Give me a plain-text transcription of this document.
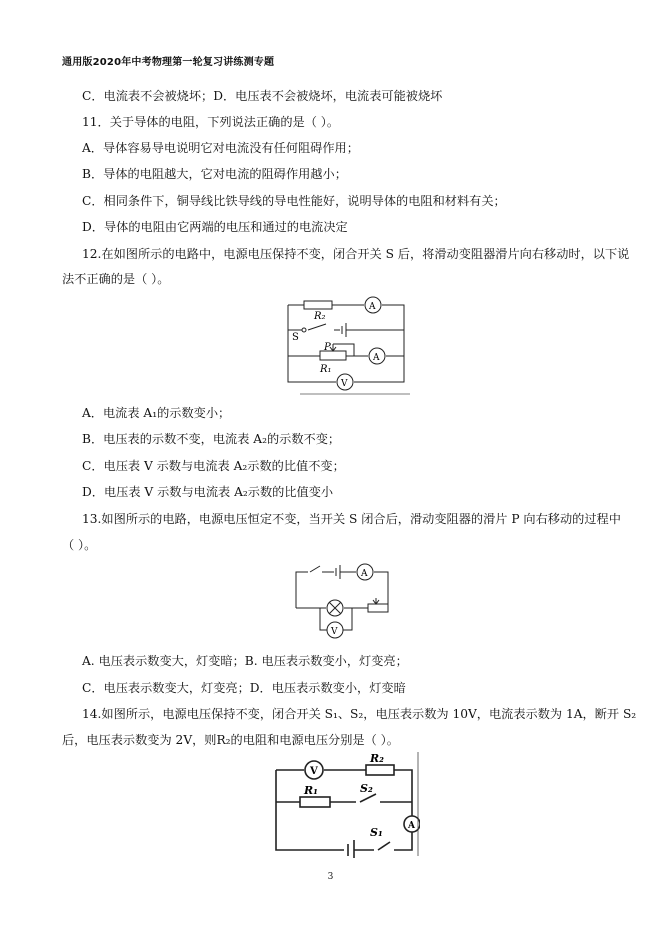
通用版2020年中考物理第一轮复习讲练测专题
C．电流表不会被烧坏；D．电压表不会被烧坏，电流表可能被烧坏
11．关于导体的电阻，下列说法正确的是（ ）。
A．导体容易导电说明它对电流没有任何阻碍作用；
B．导体的电阻越大，它对电流的阻碍作用越小；
C．相同条件下，铜导线比铁导线的导电性能好，说明导体的电阻和材料有关；
D．导体的电阻由它两端的电压和通过的电流决定
12.在如图所示的电路中，电源电压保持不变，闭合开关 S 后，将滑动变阻器滑片向右移动时，以下说
法不正确的是（ ）。
R₂
S
P
R₁
A
A
V
A．电流表 A₁的示数变小；
B．电压表的示数不变，电流表 A₂的示数不变；
C．电压表 V 示数与电流表 A₂示数的比值不变；
D．电压表 V 示数与电流表 A₂示数的比值变小
13.如图所示的电路，电源电压恒定不变，当开关 S 闭合后，滑动变阻器的滑片 P 向右移动的过程中
（ ）。
A
V
A. 电压表示数变大，灯变暗；B. 电压表示数变小，灯变亮；
C．电压表示数变大，灯变亮；D．电压表示数变小，灯变暗
14.如图所示，电源电压保持不变，闭合开关 S₁、S₂，电压表示数为 10V，电流表示数为 1A，断开 S₂
后，电压表示数变为 2V，则R₂的电阻和电源电压分别是（ ）。
V
R₂
R₁	S₂
S₁	A
3
